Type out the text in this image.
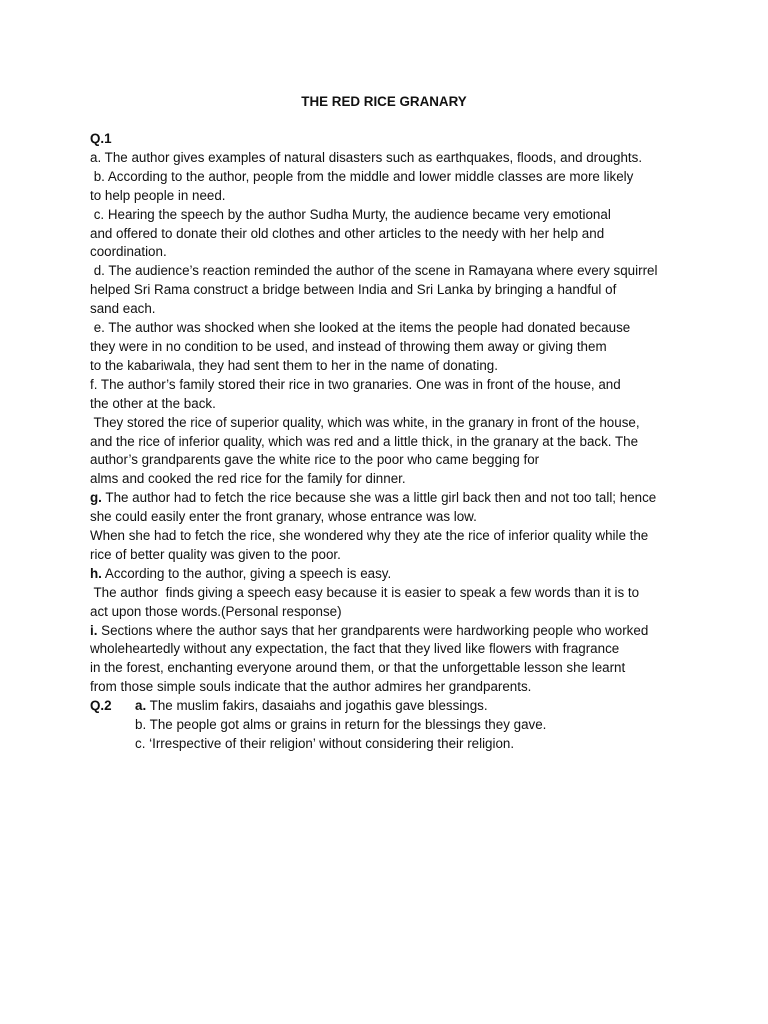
THE RED RICE GRANARY
Q.1
a. The author gives examples of natural disasters such as earthquakes, floods, and droughts.
b. According to the author, people from the middle and lower middle classes are more likely
to help people in need.
c. Hearing the speech by the author Sudha Murty, the audience became very emotional
and offered to donate their old clothes and other articles to the needy with her help and
coordination.
d. The audience’s reaction reminded the author of the scene in Ramayana where every squirrel
helped Sri Rama construct a bridge between India and Sri Lanka by bringing a handful of
sand each.
e. The author was shocked when she looked at the items the people had donated because
they were in no condition to be used, and instead of throwing them away or giving them
to the kabariwala, they had sent them to her in the name of donating.
f. The author’s family stored their rice in two granaries. One was in front of the house, and
the other at the back.
They stored the rice of superior quality, which was white, in the granary in front of the house,
and the rice of inferior quality, which was red and a little thick, in the granary at the back. The
author’s grandparents gave the white rice to the poor who came begging for
alms and cooked the red rice for the family for dinner.
g. The author had to fetch the rice because she was a little girl back then and not too tall; hence
she could easily enter the front granary, whose entrance was low.
When she had to fetch the rice, she wondered why they ate the rice of inferior quality while the
rice of better quality was given to the poor.
h. According to the author, giving a speech is easy.
The author  finds giving a speech easy because it is easier to speak a few words than it is to
act upon those words.(Personal response)
i. Sections where the author says that her grandparents were hardworking people who worked
wholeheartedly without any expectation, the fact that they lived like flowers with fragrance
in the forest, enchanting everyone around them, or that the unforgettable lesson she learnt
from those simple souls indicate that the author admires her grandparents.
Q.2	a. The muslim fakirs, dasaiahs and jogathis gave blessings.
b. The people got alms or grains in return for the blessings they gave.
c. ‘Irrespective of their religion’ without considering their religion.
